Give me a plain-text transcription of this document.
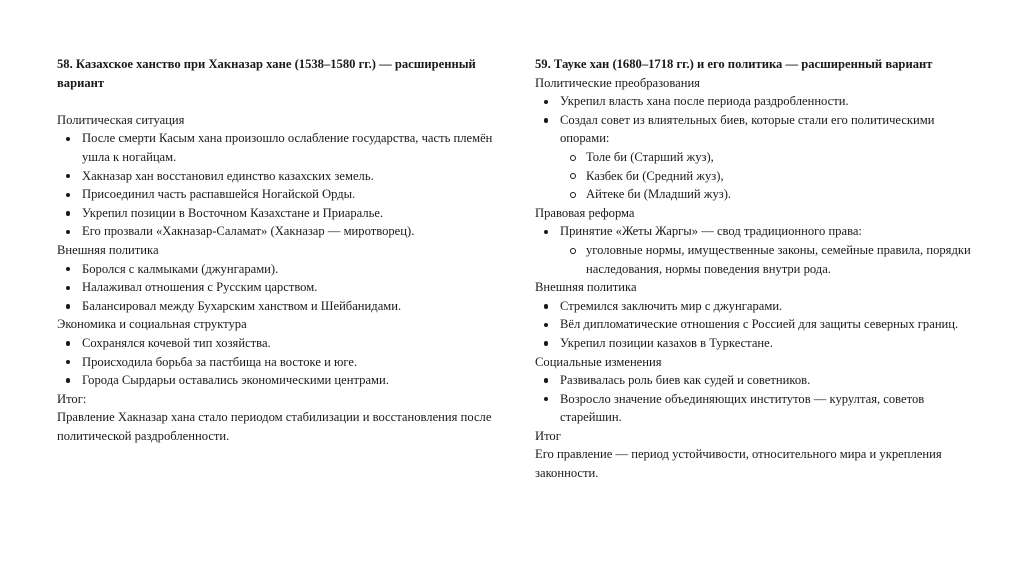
58. Казахское ханство при Хакназар хане (1538–1580 гг.) — расширенный вариант

Политическая ситуация

После смерти Касым хана произошло ослабление государства, часть племён ушла к ногайцам.
Хакназар хан восстановил единство казахских земель.
Присоединил часть распавшейся Ногайской Орды.
Укрепил позиции в Восточном Казахстане и Приаралье.
Его прозвали «Хакназар-Саламат» (Хакназар — миротворец).

Внешняя политика

Боролся с калмыками (джунгарами).
Налаживал отношения с Русским царством.
Балансировал между Бухарским ханством и Шейбанидами.

Экономика и социальная структура

Сохранялся кочевой тип хозяйства.
Происходила борьба за пастбища на востоке и юге.
Города Сырдарьи оставались экономическими центрами.

Итог:

Правление Хакназар хана стало периодом стабилизации и восстановления после политической раздробленности.

59. Тауке хан (1680–1718 гг.) и его политика — расширенный вариант

Политические преобразования

Укрепил власть хана после периода раздробленности.
Создал совет из влиятельных биев, которые стали его политическими опорами:
Толе би (Старший жуз),
Казбек би (Средний жуз),
Айтеке би (Младший жуз).

Правовая реформа

Принятие «Жеты Жаргы» — свод традиционного права:
уголовные нормы, имущественные законы, семейные правила, порядки наследования, нормы поведения внутри рода.

Внешняя политика

Стремился заключить мир с джунгарами.
Вёл дипломатические отношения с Россией для защиты северных границ.
Укрепил позиции казахов в Туркестане.

Социальные изменения

Развивалась роль биев как судей и советников.
Возросло значение объединяющих институтов — курултая, советов старейшин.

Итог

Его правление — период устойчивости, относительного мира и укрепления законности.
